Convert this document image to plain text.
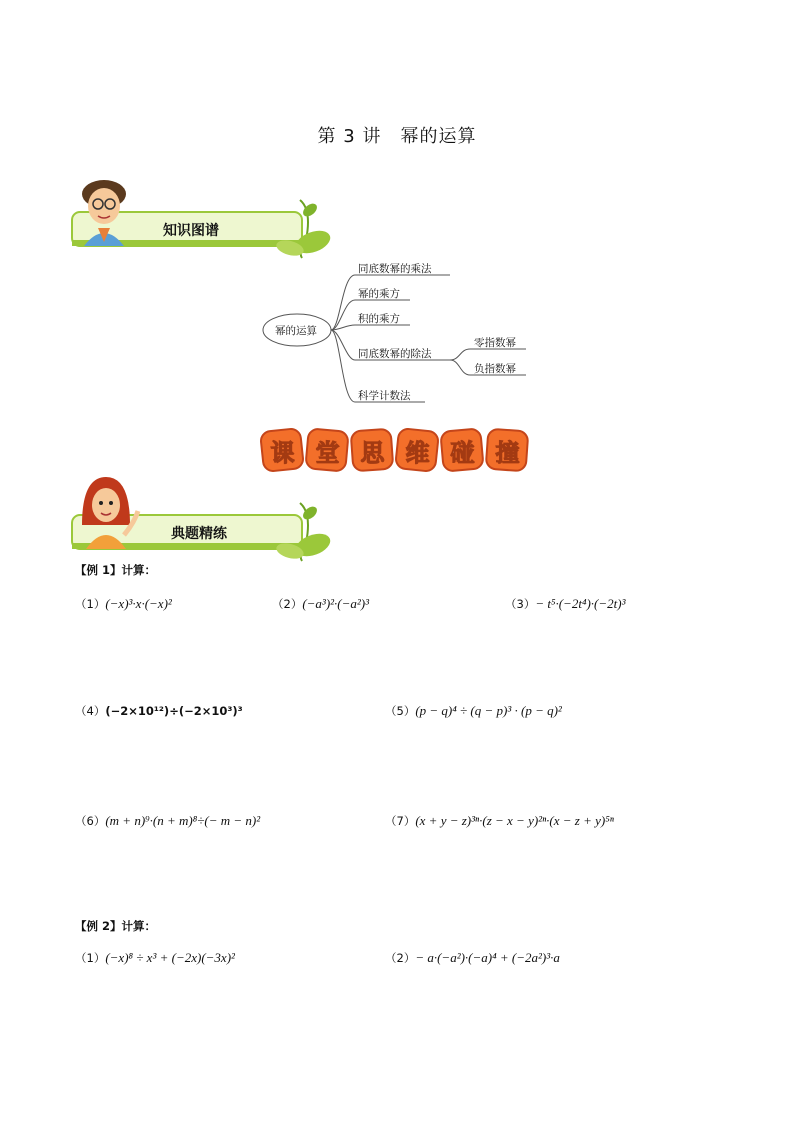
第 3 讲　幂的运算
知识图谱
幂的运算
同底数幂的乘法
幂的乘方
积的乘方
同底数幂的除法
科学计数法
零指数幂
负指数幂
课 堂 思 维 碰 撞
典题精练
【例 1】计算：
（1）(−x)³·x·(−x)²	（2）(−a³)²·(−a²)³	（3）− t⁵·(−2t⁴)·(−2t)³
（4）(−2×10¹²)÷(−2×10³)³	（5）(p − q)⁴ ÷ (q − p)³ · (p − q)²
（6）(m + n)⁹·(n + m)⁸÷(− m − n)²	（7）(x + y − z)³ⁿ·(z − x − y)²ⁿ·(x − z + y)⁵ⁿ
【例 2】计算：
（1）(−x)⁸ ÷ x³ + (−2x)(−3x)²	（2）− a·(−a²)·(−a)⁴ + (−2a²)³·a
